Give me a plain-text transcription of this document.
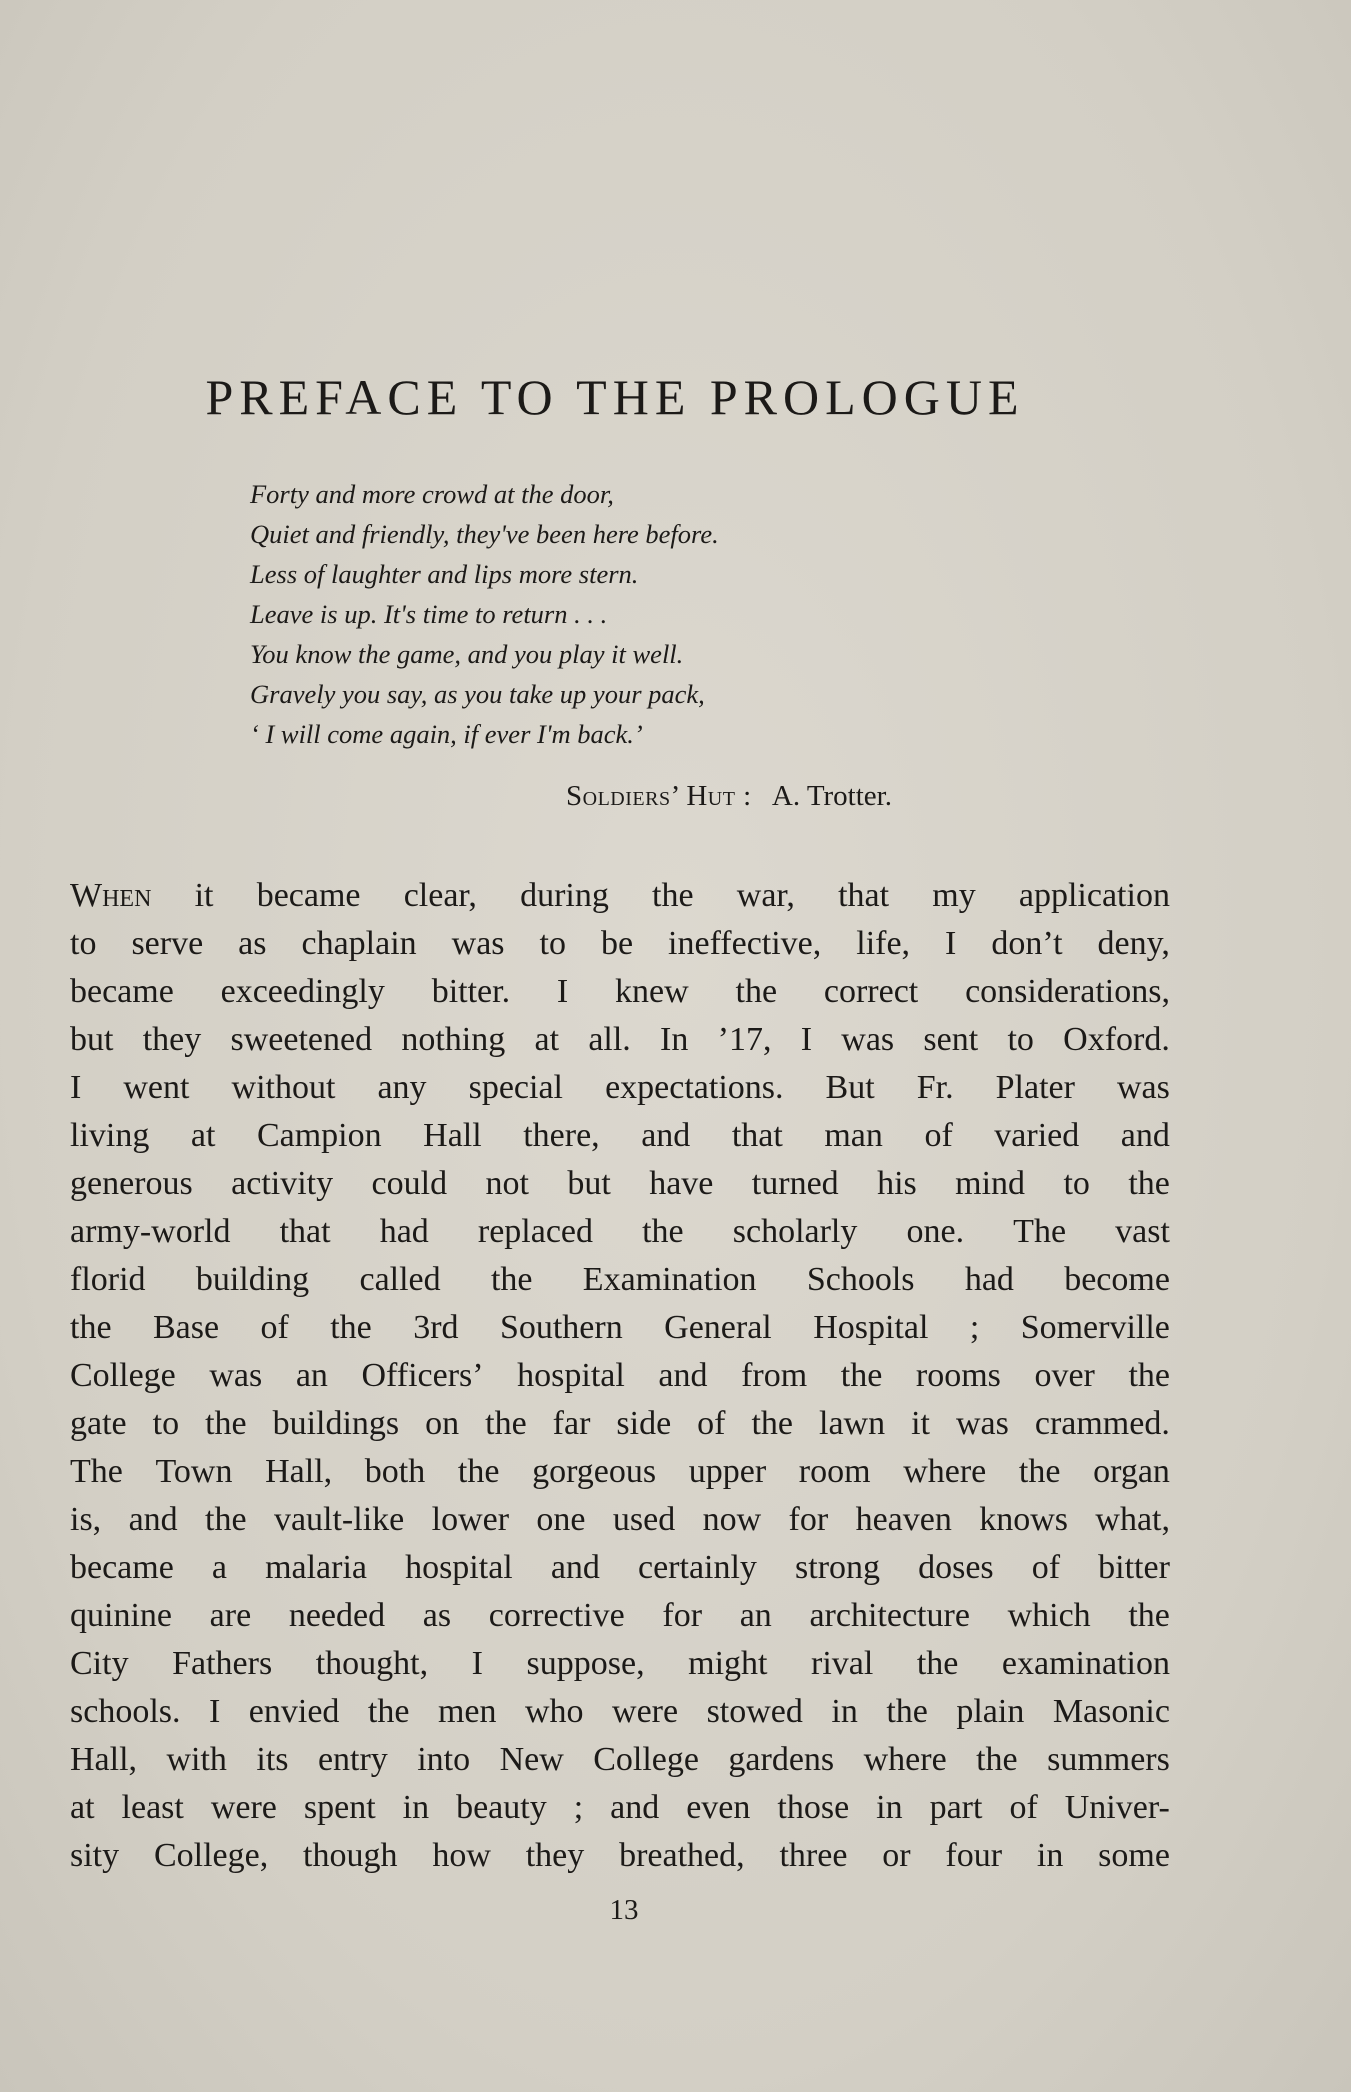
PREFACE TO THE PROLOGUE
Forty and more crowd at the door,
Quiet and friendly, they've been here before.
Less of laughter and lips more stern.
Leave is up. It's time to return . . .
You know the game, and you play it well.
Gravely you say, as you take up your pack,
‘ I will come again, if ever I'm back.’
Soldiers’ Hut : A. Trotter.
When it became clear, during the war, that my application
to serve as chaplain was to be ineffective, life, I don’t deny,
became exceedingly bitter. I knew the correct considerations,
but they sweetened nothing at all. In ’17, I was sent to Oxford.
I went without any special expectations. But Fr. Plater was
living at Campion Hall there, and that man of varied and
generous activity could not but have turned his mind to the
army-world that had replaced the scholarly one. The vast
florid building called the Examination Schools had become
the Base of the 3rd Southern General Hospital ; Somerville
College was an Officers’ hospital and from the rooms over the
gate to the buildings on the far side of the lawn it was crammed.
The Town Hall, both the gorgeous upper room where the organ
is, and the vault-like lower one used now for heaven knows what,
became a malaria hospital and certainly strong doses of bitter
quinine are needed as corrective for an architecture which the
City Fathers thought, I suppose, might rival the examination
schools. I envied the men who were stowed in the plain Masonic
Hall, with its entry into New College gardens where the summers
at least were spent in beauty ; and even those in part of Univer-
sity College, though how they breathed, three or four in some
13
